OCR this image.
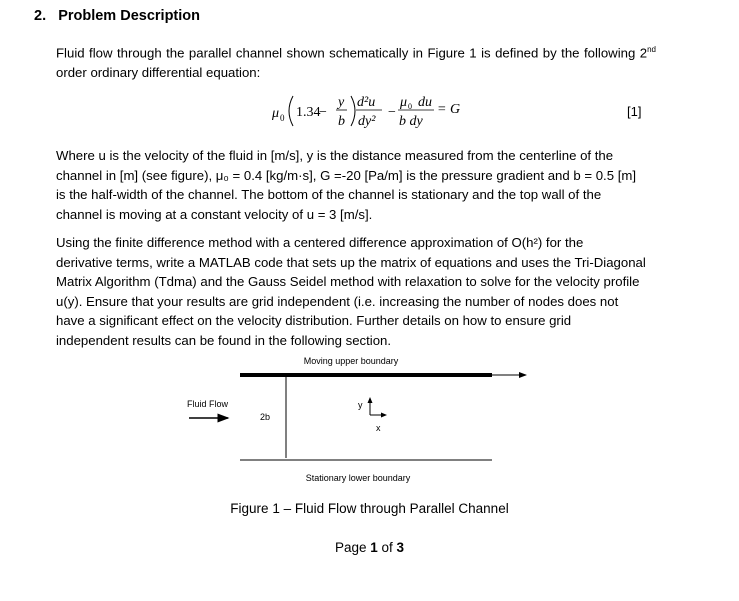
2. Problem Description
Fluid flow through the parallel channel shown schematically in Figure 1 is defined by the following 2nd order ordinary differential equation:
μ 0 1.34
−
y
b
d²u
dy²
−
μ 0 du
b dy
= G	[1]
Where u is the velocity of the fluid in [m/s], y is the distance measured from the centerline of the
channel in [m] (see figure), μ₀ = 0.4 [kg/m·s], G =-20 [Pa/m] is the pressure gradient and b = 0.5 [m]
is the half-width of the channel. The bottom of the channel is stationary and the top wall of the
channel is moving at a constant velocity of u = 3 [m/s].
Using the finite difference method with a centered difference approximation of O(h²) for the
derivative terms, write a MATLAB code that sets up the matrix of equations and uses the Tri-Diagonal
Matrix Algorithm (Tdma) and the Gauss Seidel method with relaxation to solve for the velocity profile
u(y). Ensure that your results are grid independent (i.e. increasing the number of nodes does not
have a significant effect on the velocity distribution. Further details on how to ensure grid
independent results can be found in the following section.
Moving upper boundary
2b
Fluid Flow	y
x
Stationary lower boundary
Figure 1 – Fluid Flow through Parallel Channel
Page 1 of 3
